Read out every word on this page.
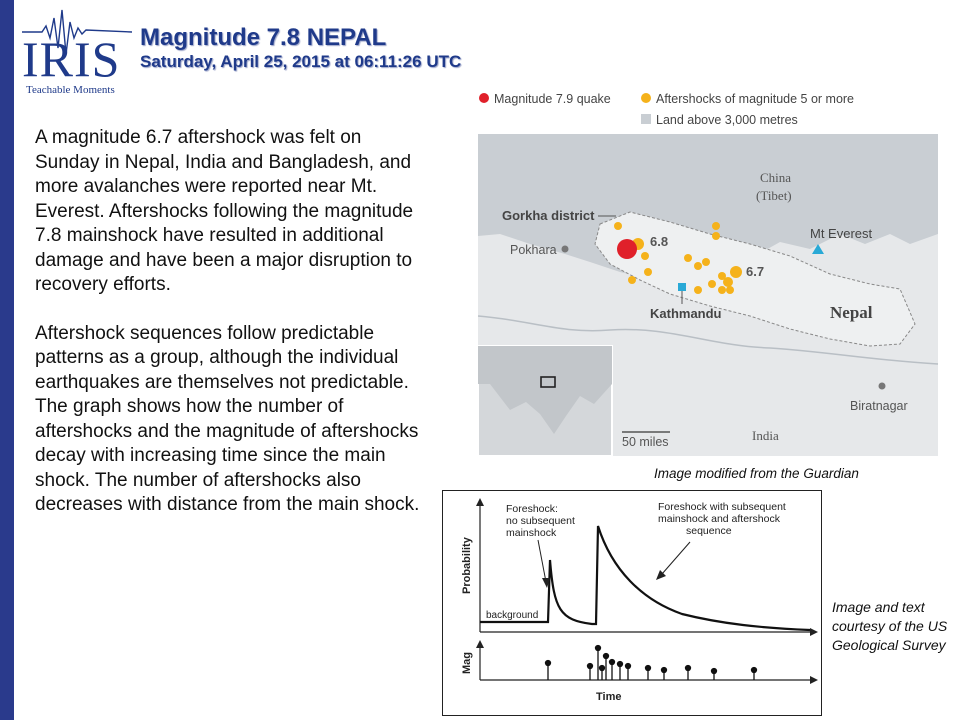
IRIS
Teachable Moments
Magnitude 7.8 NEPAL
Saturday, April 25, 2015 at 06:11:26 UTC

A magnitude 6.7 aftershock was felt on Sunday in Nepal, India and Bangladesh, and more avalanches were reported near Mt. Everest. Aftershocks following the magnitude 7.8 mainshock have resulted in additional damage and have been a major disruption to recovery efforts.

Aftershock sequences follow predictable patterns as a group, although the individual earthquakes are themselves not predictable. The graph shows how the number of aftershocks and the magnitude of aftershocks decay with increasing time since the main shock. The number of aftershocks also decreases with distance from the main shock.

Magnitude 7.9 quake	Aftershocks of magnitude 5 or more
Land above 3,000 metres
China
(Tibet)
Gorkha district
Pokhara
6.8
6.7
Mt Everest
Kathmandu	Nepal
Biratnagar
India
50 miles
Image modified from the Guardian
Probability
background
Foreshock:
no subsequent
mainshock
Foreshock with subsequent
mainshock and aftershock
sequence
Mag
Time
Image and text courtesy of the US Geological Survey
